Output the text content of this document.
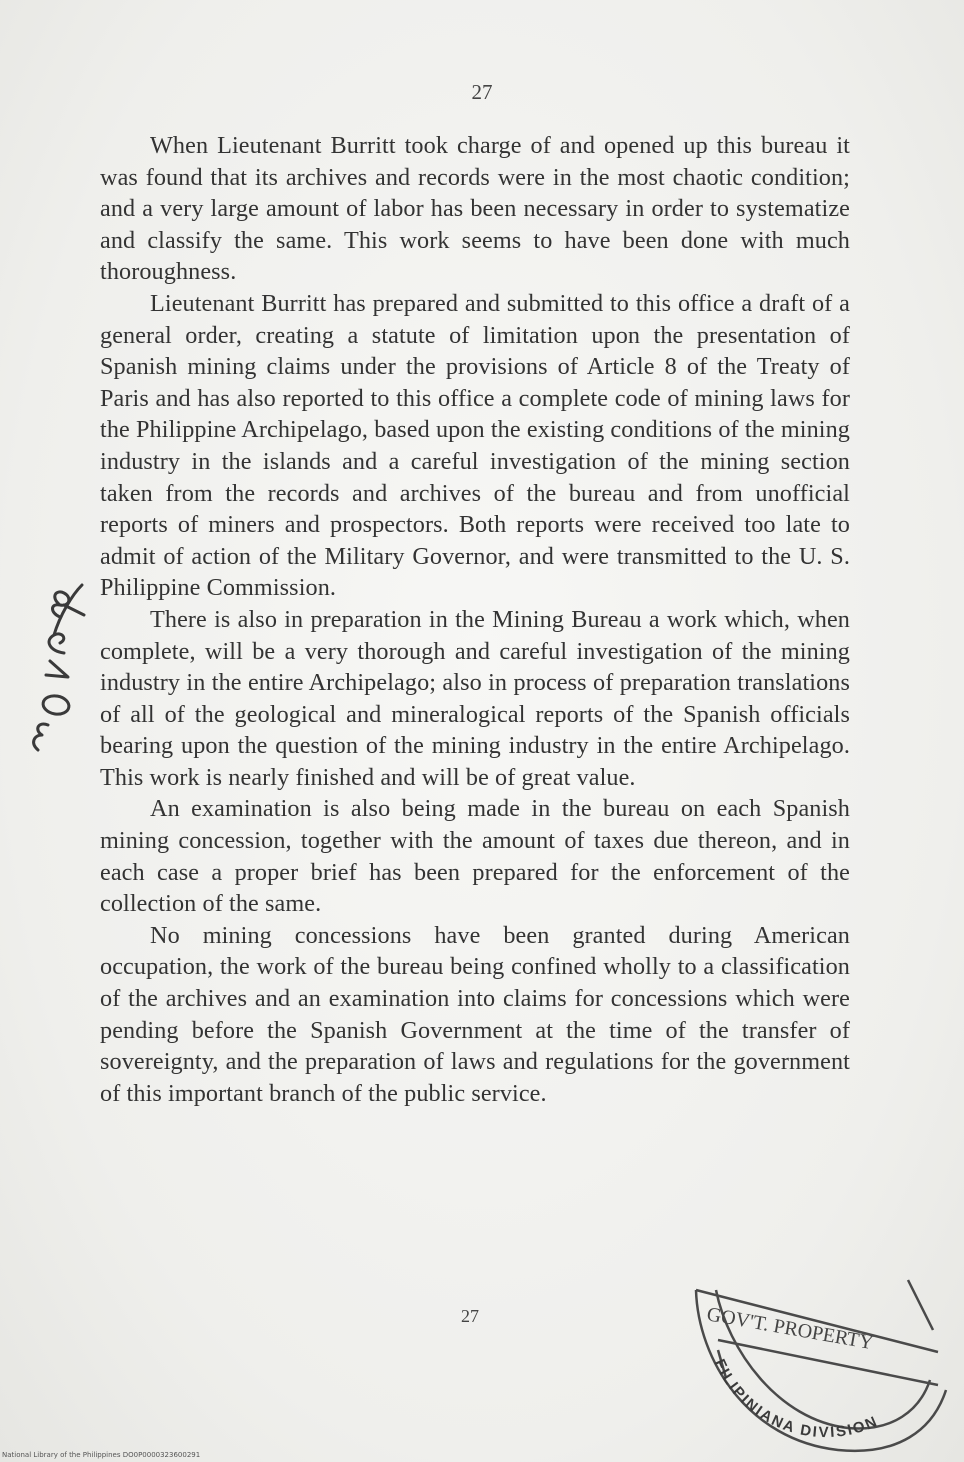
27

When Lieutenant Burritt took charge of and opened up this bureau it was found that its archives and records were in the most chaotic condition; and a very large amount of labor has been necessary in order to systematize and classify the same. This work seems to have been done with much thoroughness.

Lieutenant Burritt has prepared and submitted to this office a draft of a general order, creating a statute of limitation upon the presentation of Spanish mining claims under the provisions of Article 8 of the Treaty of Paris and has also reported to this office a complete code of mining laws for the Philippine Archipelago, based upon the existing conditions of the mining industry in the islands and a careful investigation of the mining section taken from the records and archives of the bureau and from unofficial reports of miners and prospectors. Both reports were received too late to admit of action of the Military Governor, and were transmitted to the U. S. Philippine Commission.

There is also in preparation in the Mining Bureau a work which, when complete, will be a very thorough and careful investigation of the mining industry in the entire Archipelago; also in process of preparation translations of all of the geological and mineralogical reports of the Spanish officials bearing upon the question of the mining industry in the entire Archipelago. This work is nearly finished and will be of great value.

An examination is also being made in the bureau on each Spanish mining concession, together with the amount of taxes due thereon, and in each case a proper brief has been prepared for the enforcement of the collection of the same.

No mining concessions have been granted during American occupation, the work of the bureau being confined wholly to a classification of the archives and an examination into claims for concessions which were pending before the Spanish Government at the time of the transfer of sovereignty, and the preparation of laws and regulations for the government of this important branch of the public service.

27	GOV'T. PROPERTY
FILIPINIANA DIVISION
National Library of the Philippines DO0P0000323600291
